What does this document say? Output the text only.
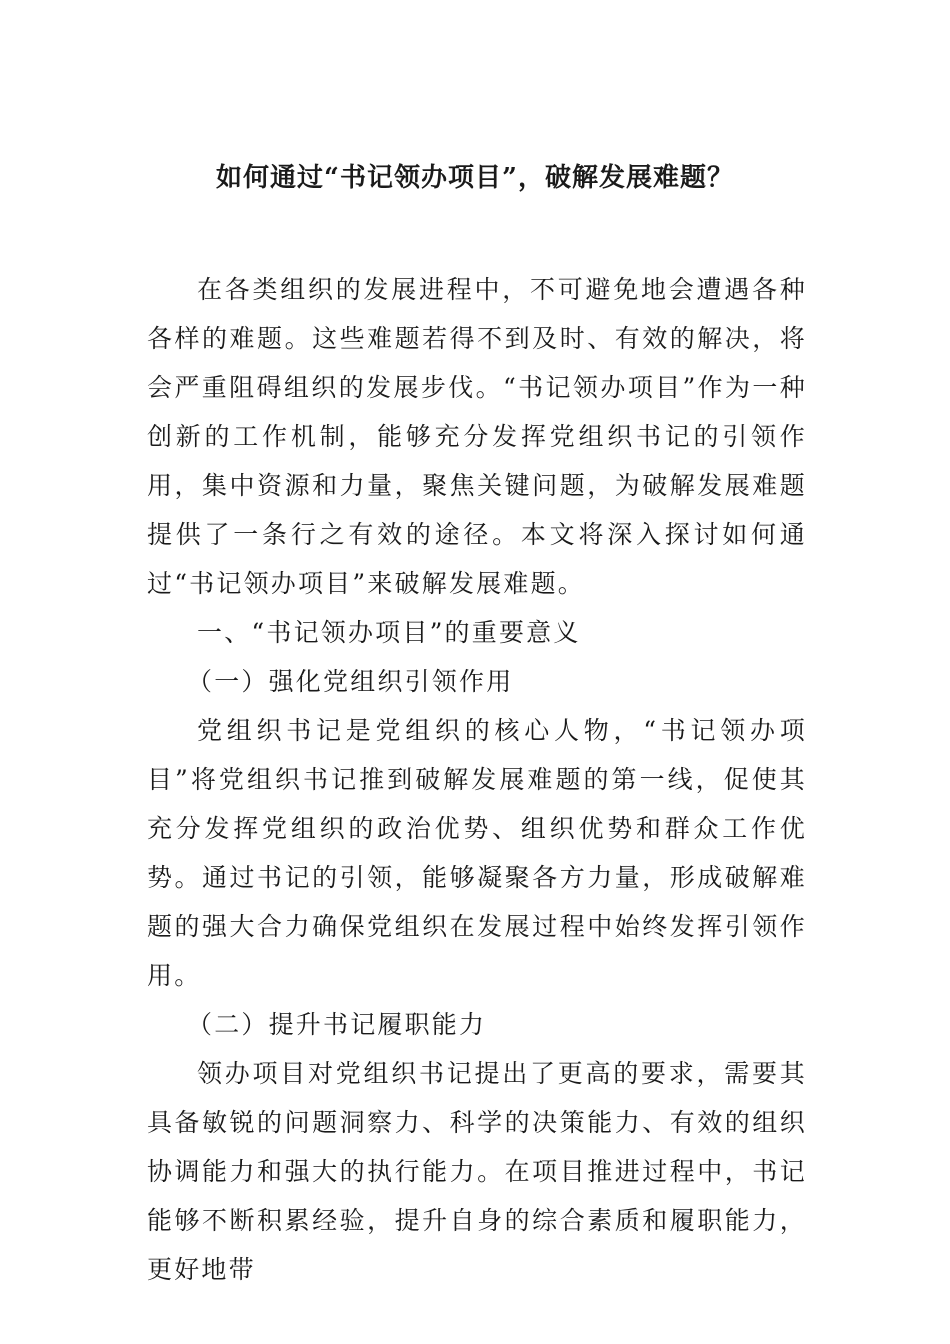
如何通过“书记领办项目”，破解发展难题？

在各类组织的发展进程中，不可避免地会遭遇各种各样的难题。这些难题若得不到及时、有效的解决，将会严重阻碍组织的发展步伐。“书记领办项目”作为一种创新的工作机制，能够充分发挥党组织书记的引领作用，集中资源和力量，聚焦关键问题，为破解发展难题提供了一条行之有效的途径。本文将深入探讨如何通过“书记领办项目”来破解发展难题。

一、“书记领办项目”的重要意义

（一）强化党组织引领作用

党组织书记是党组织的核心人物，“书记领办项目”将党组织书记推到破解发展难题的第一线，促使其充分发挥党组织的政治优势、组织优势和群众工作优势。通过书记的引领，能够凝聚各方力量，形成破解难题的强大合力确保党组织在发展过程中始终发挥引领作用。

（二）提升书记履职能力

领办项目对党组织书记提出了更高的要求，需要其具备敏锐的问题洞察力、科学的决策能力、有效的组织协调能力和强大的执行能力。在项目推进过程中，书记能够不断积累经验，提升自身的综合素质和履职能力，更好地带
